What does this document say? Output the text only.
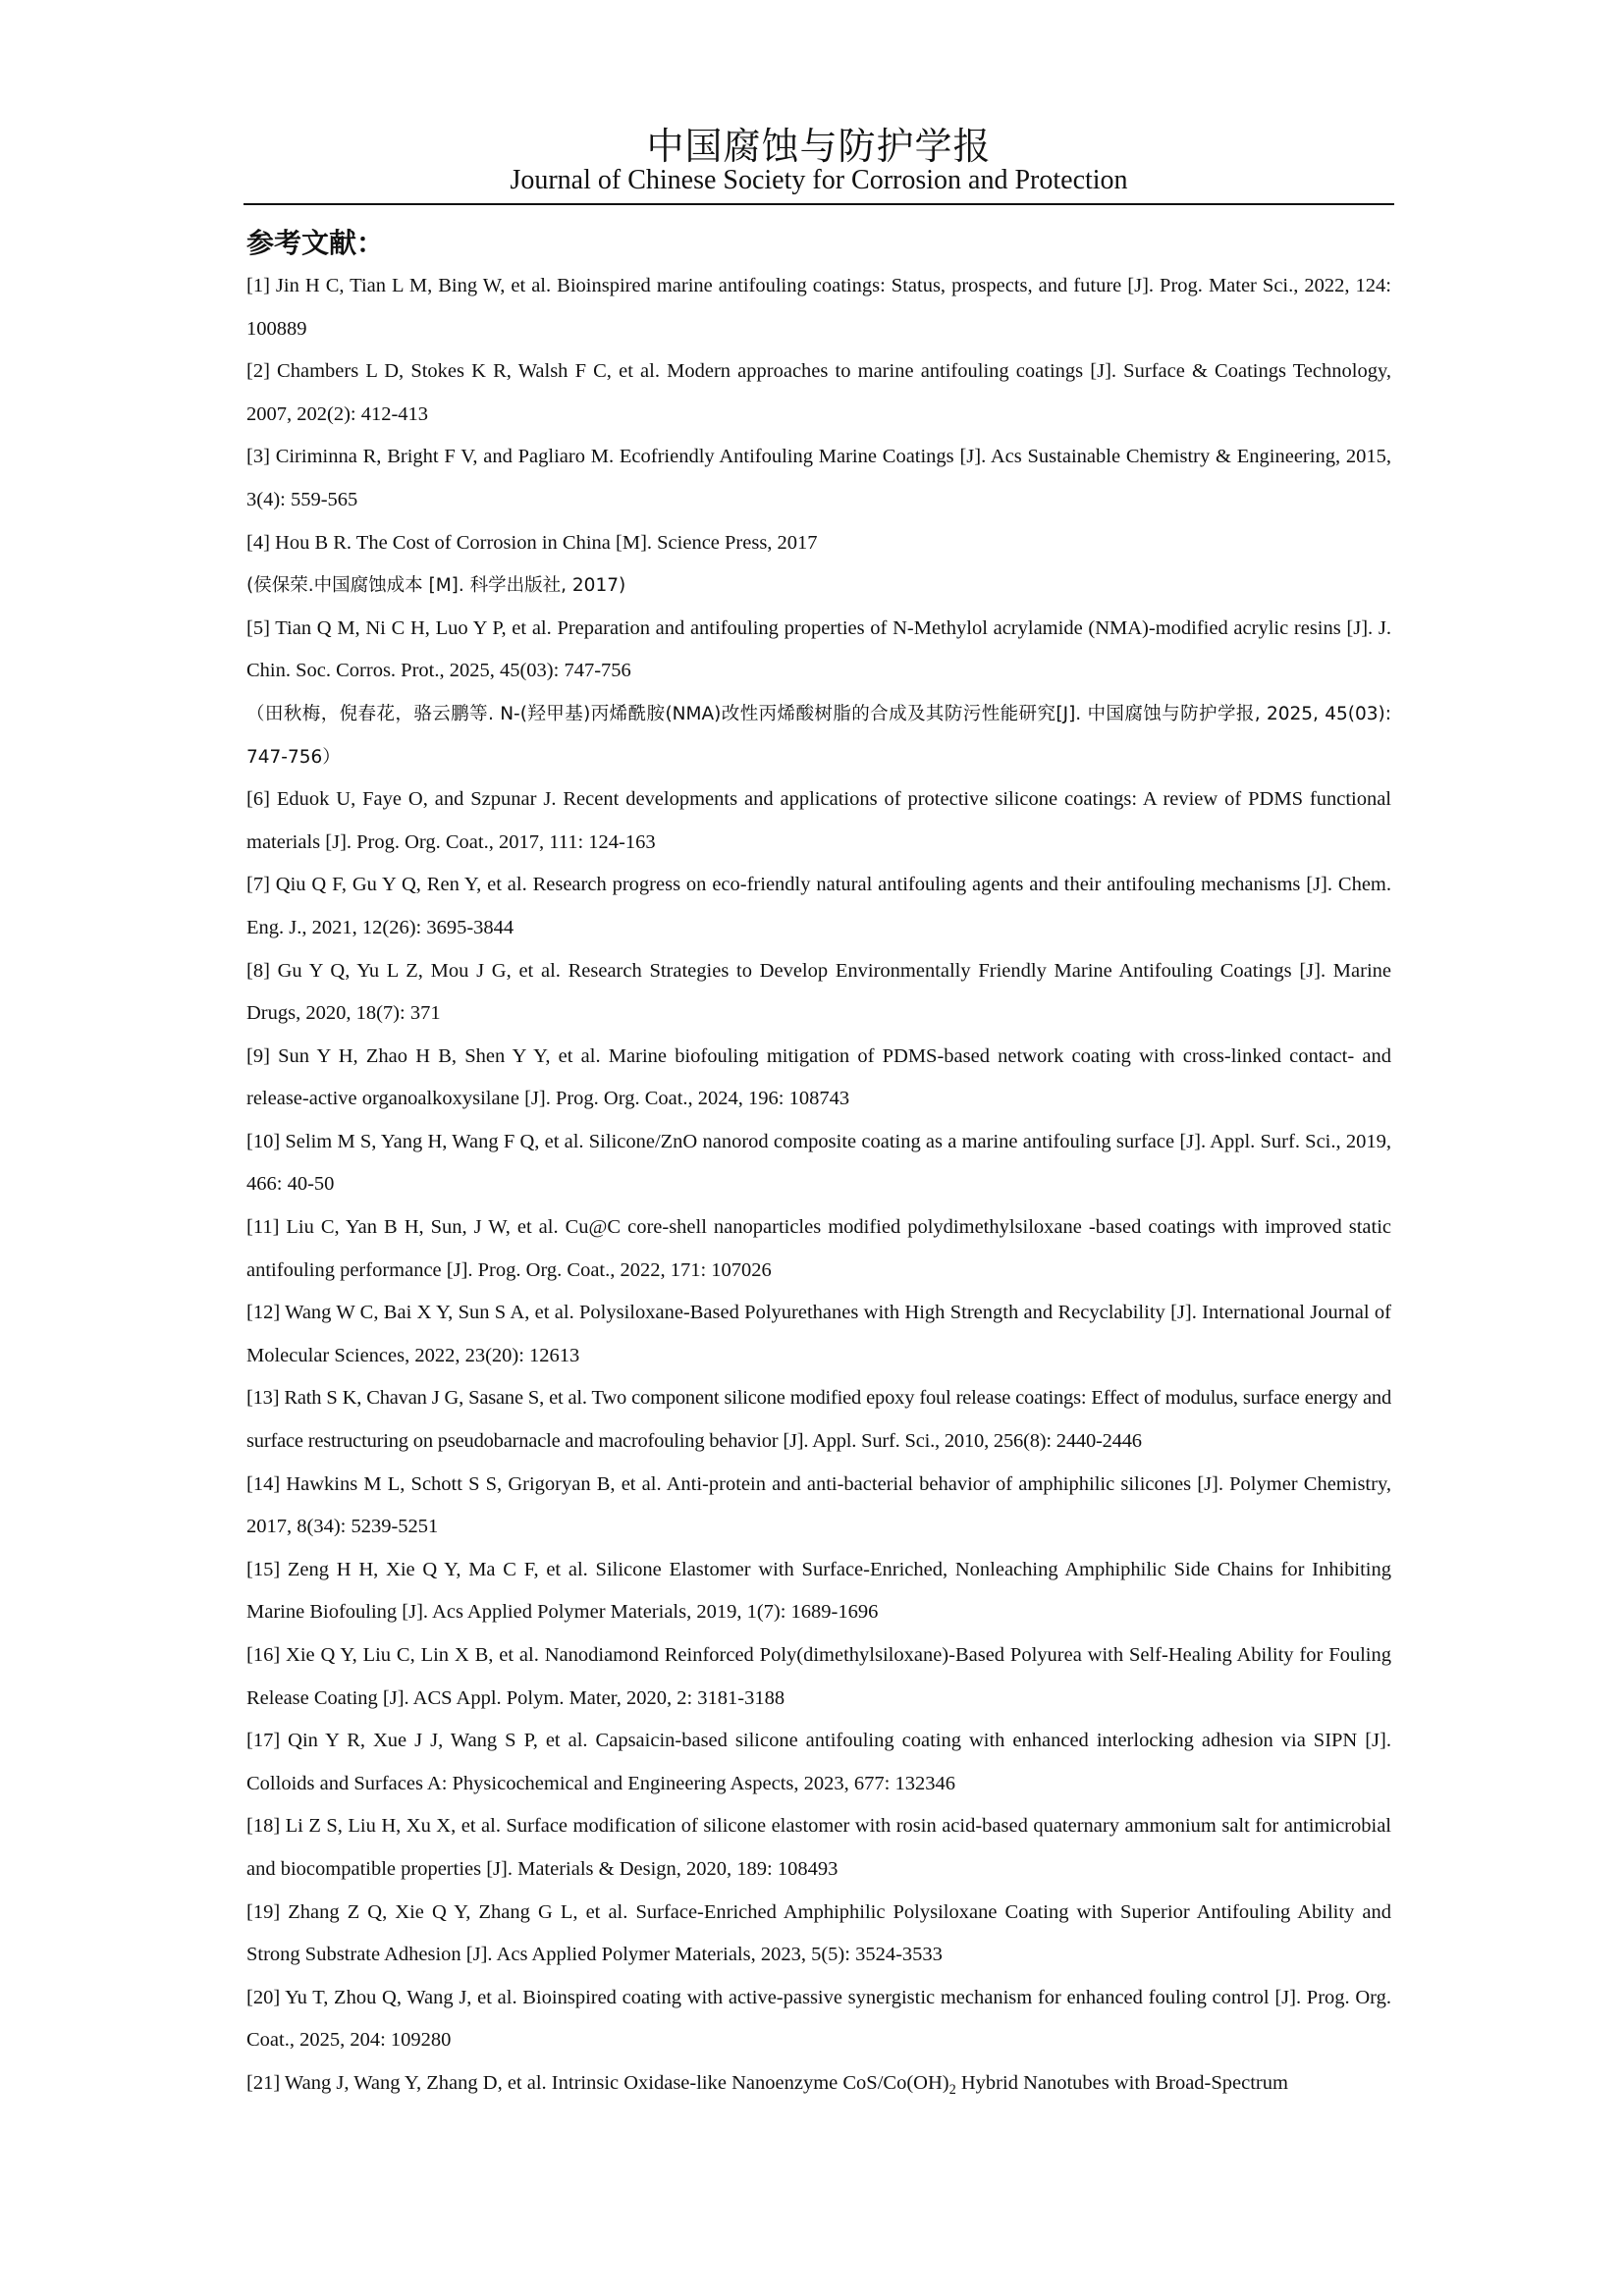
中国腐蚀与防护学报
Journal of Chinese Society for Corrosion and Protection
参考文献：
[1] Jin H C, Tian L M, Bing W, et al. Bioinspired marine antifouling coatings: Status, prospects, and future [J]. Prog. Mater Sci., 2022, 124: 100889
[2] Chambers L D, Stokes K R, Walsh F C, et al. Modern approaches to marine antifouling coatings [J]. Surface & Coatings Technology, 2007, 202(2): 412-413
[3] Ciriminna R, Bright F V, and Pagliaro M. Ecofriendly Antifouling Marine Coatings [J]. Acs Sustainable Chemistry & Engineering, 2015, 3(4): 559-565
[4] Hou B R. The Cost of Corrosion in China [M]. Science Press, 2017
(侯保荣.中国腐蚀成本 [M]. 科学出版社, 2017)
[5] Tian Q M, Ni C H, Luo Y P, et al. Preparation and antifouling properties of N-Methylol acrylamide (NMA)-modified acrylic resins [J]. J. Chin. Soc. Corros. Prot., 2025, 45(03): 747-756
（田秋梅，倪春花，骆云鹏等. N-(羟甲基)丙烯酰胺(NMA)改性丙烯酸树脂的合成及其防污性能研究[J]. 中国腐蚀与防护学报, 2025, 45(03): 747-756）
[6] Eduok U, Faye O, and Szpunar J. Recent developments and applications of protective silicone coatings: A review of PDMS functional materials [J]. Prog. Org. Coat., 2017, 111: 124-163
[7] Qiu Q F, Gu Y Q, Ren Y, et al. Research progress on eco-friendly natural antifouling agents and their antifouling mechanisms [J]. Chem. Eng. J., 2021, 12(26): 3695-3844
[8] Gu Y Q, Yu L Z, Mou J G, et al. Research Strategies to Develop Environmentally Friendly Marine Antifouling Coatings [J]. Marine Drugs, 2020, 18(7): 371
[9] Sun Y H, Zhao H B, Shen Y Y, et al. Marine biofouling mitigation of PDMS-based network coating with cross-linked contact- and release-active organoalkoxysilane [J]. Prog. Org. Coat., 2024, 196: 108743
[10] Selim M S, Yang H, Wang F Q, et al. Silicone/ZnO nanorod composite coating as a marine antifouling surface [J]. Appl. Surf. Sci., 2019, 466: 40-50
[11] Liu C, Yan B H, Sun, J W, et al. Cu@C core-shell nanoparticles modified polydimethylsiloxane -based coatings with improved static antifouling performance [J]. Prog. Org. Coat., 2022, 171: 107026
[12] Wang W C, Bai X Y, Sun S A, et al. Polysiloxane-Based Polyurethanes with High Strength and Recyclability [J]. International Journal of Molecular Sciences, 2022, 23(20): 12613
[13] Rath S K, Chavan J G, Sasane S, et al. Two component silicone modified epoxy foul release coatings: Effect of modulus, surface energy and surface restructuring on pseudobarnacle and macrofouling behavior [J]. Appl. Surf. Sci., 2010, 256(8): 2440-2446
[14] Hawkins M L, Schott S S, Grigoryan B, et al. Anti-protein and anti-bacterial behavior of amphiphilic silicones [J]. Polymer Chemistry, 2017, 8(34): 5239-5251
[15] Zeng H H, Xie Q Y, Ma C F, et al. Silicone Elastomer with Surface-Enriched, Nonleaching Amphiphilic Side Chains for Inhibiting Marine Biofouling [J]. Acs Applied Polymer Materials, 2019, 1(7): 1689-1696
[16] Xie Q Y, Liu C, Lin X B, et al. Nanodiamond Reinforced Poly(dimethylsiloxane)-Based Polyurea with Self-Healing Ability for Fouling Release Coating [J]. ACS Appl. Polym. Mater, 2020, 2: 3181-3188
[17] Qin Y R, Xue J J, Wang S P, et al. Capsaicin-based silicone antifouling coating with enhanced interlocking adhesion via SIPN [J]. Colloids and Surfaces A: Physicochemical and Engineering Aspects, 2023, 677: 132346
[18] Li Z S, Liu H, Xu X, et al. Surface modification of silicone elastomer with rosin acid-based quaternary ammonium salt for antimicrobial and biocompatible properties [J]. Materials & Design, 2020, 189: 108493
[19] Zhang Z Q, Xie Q Y, Zhang G L, et al. Surface-Enriched Amphiphilic Polysiloxane Coating with Superior Antifouling Ability and Strong Substrate Adhesion [J]. Acs Applied Polymer Materials, 2023, 5(5): 3524-3533
[20] Yu T, Zhou Q, Wang J, et al. Bioinspired coating with active-passive synergistic mechanism for enhanced fouling control [J]. Prog. Org. Coat., 2025, 204: 109280
[21] Wang J, Wang Y, Zhang D, et al. Intrinsic Oxidase-like Nanoenzyme CoS/$Co(OH)_2$ Hybrid Nanotubes with Broad-Spectrum
